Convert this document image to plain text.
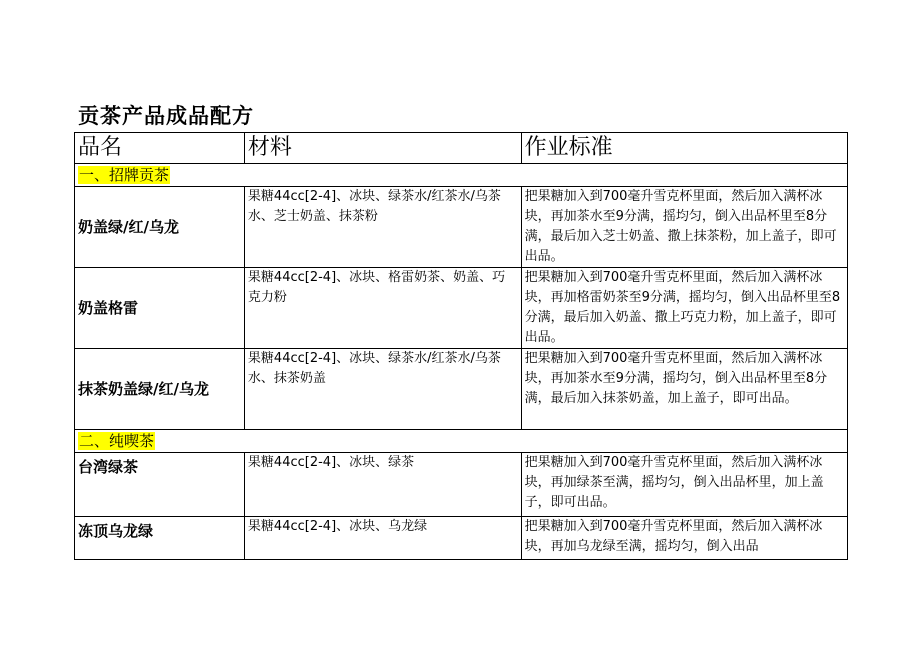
贡茶产品成品配方
品名	材料	作业标准
一、招牌贡茶		
奶盖绿/红/乌龙	果糖44cc[2-4]、冰块、绿茶水/红茶水/乌茶水、芝士奶盖、抹茶粉	把果糖加入到700毫升雪克杯里面，然后加入满杯冰块，再加茶水至9分满，摇均匀，倒入出品杯里至8分满，最后加入芝士奶盖、撒上抹茶粉，加上盖子，即可出品。
奶盖格雷	果糖44cc[2-4]、冰块、格雷奶茶、奶盖、巧克力粉	把果糖加入到700毫升雪克杯里面，然后加入满杯冰块，再加格雷奶茶至9分满，摇均匀，倒入出品杯里至8分满，最后加入奶盖、撒上巧克力粉，加上盖子，即可出品。
抹茶奶盖绿/红/乌龙	果糖44cc[2-4]、冰块、绿茶水/红茶水/乌茶水、抹茶奶盖	把果糖加入到700毫升雪克杯里面，然后加入满杯冰块，再加茶水至9分满，摇均匀，倒入出品杯里至8分满，最后加入抹茶奶盖，加上盖子，即可出品。
二、纯喫茶		
台湾绿茶	果糖44cc[2-4]、冰块、绿茶	把果糖加入到700毫升雪克杯里面，然后加入满杯冰块，再加绿茶至满，摇均匀，倒入出品杯里，加上盖子，即可出品。
冻顶乌龙绿	果糖44cc[2-4]、冰块、乌龙绿	把果糖加入到700毫升雪克杯里面，然后加入满杯冰块，再加乌龙绿至满，摇均匀，倒入出品
